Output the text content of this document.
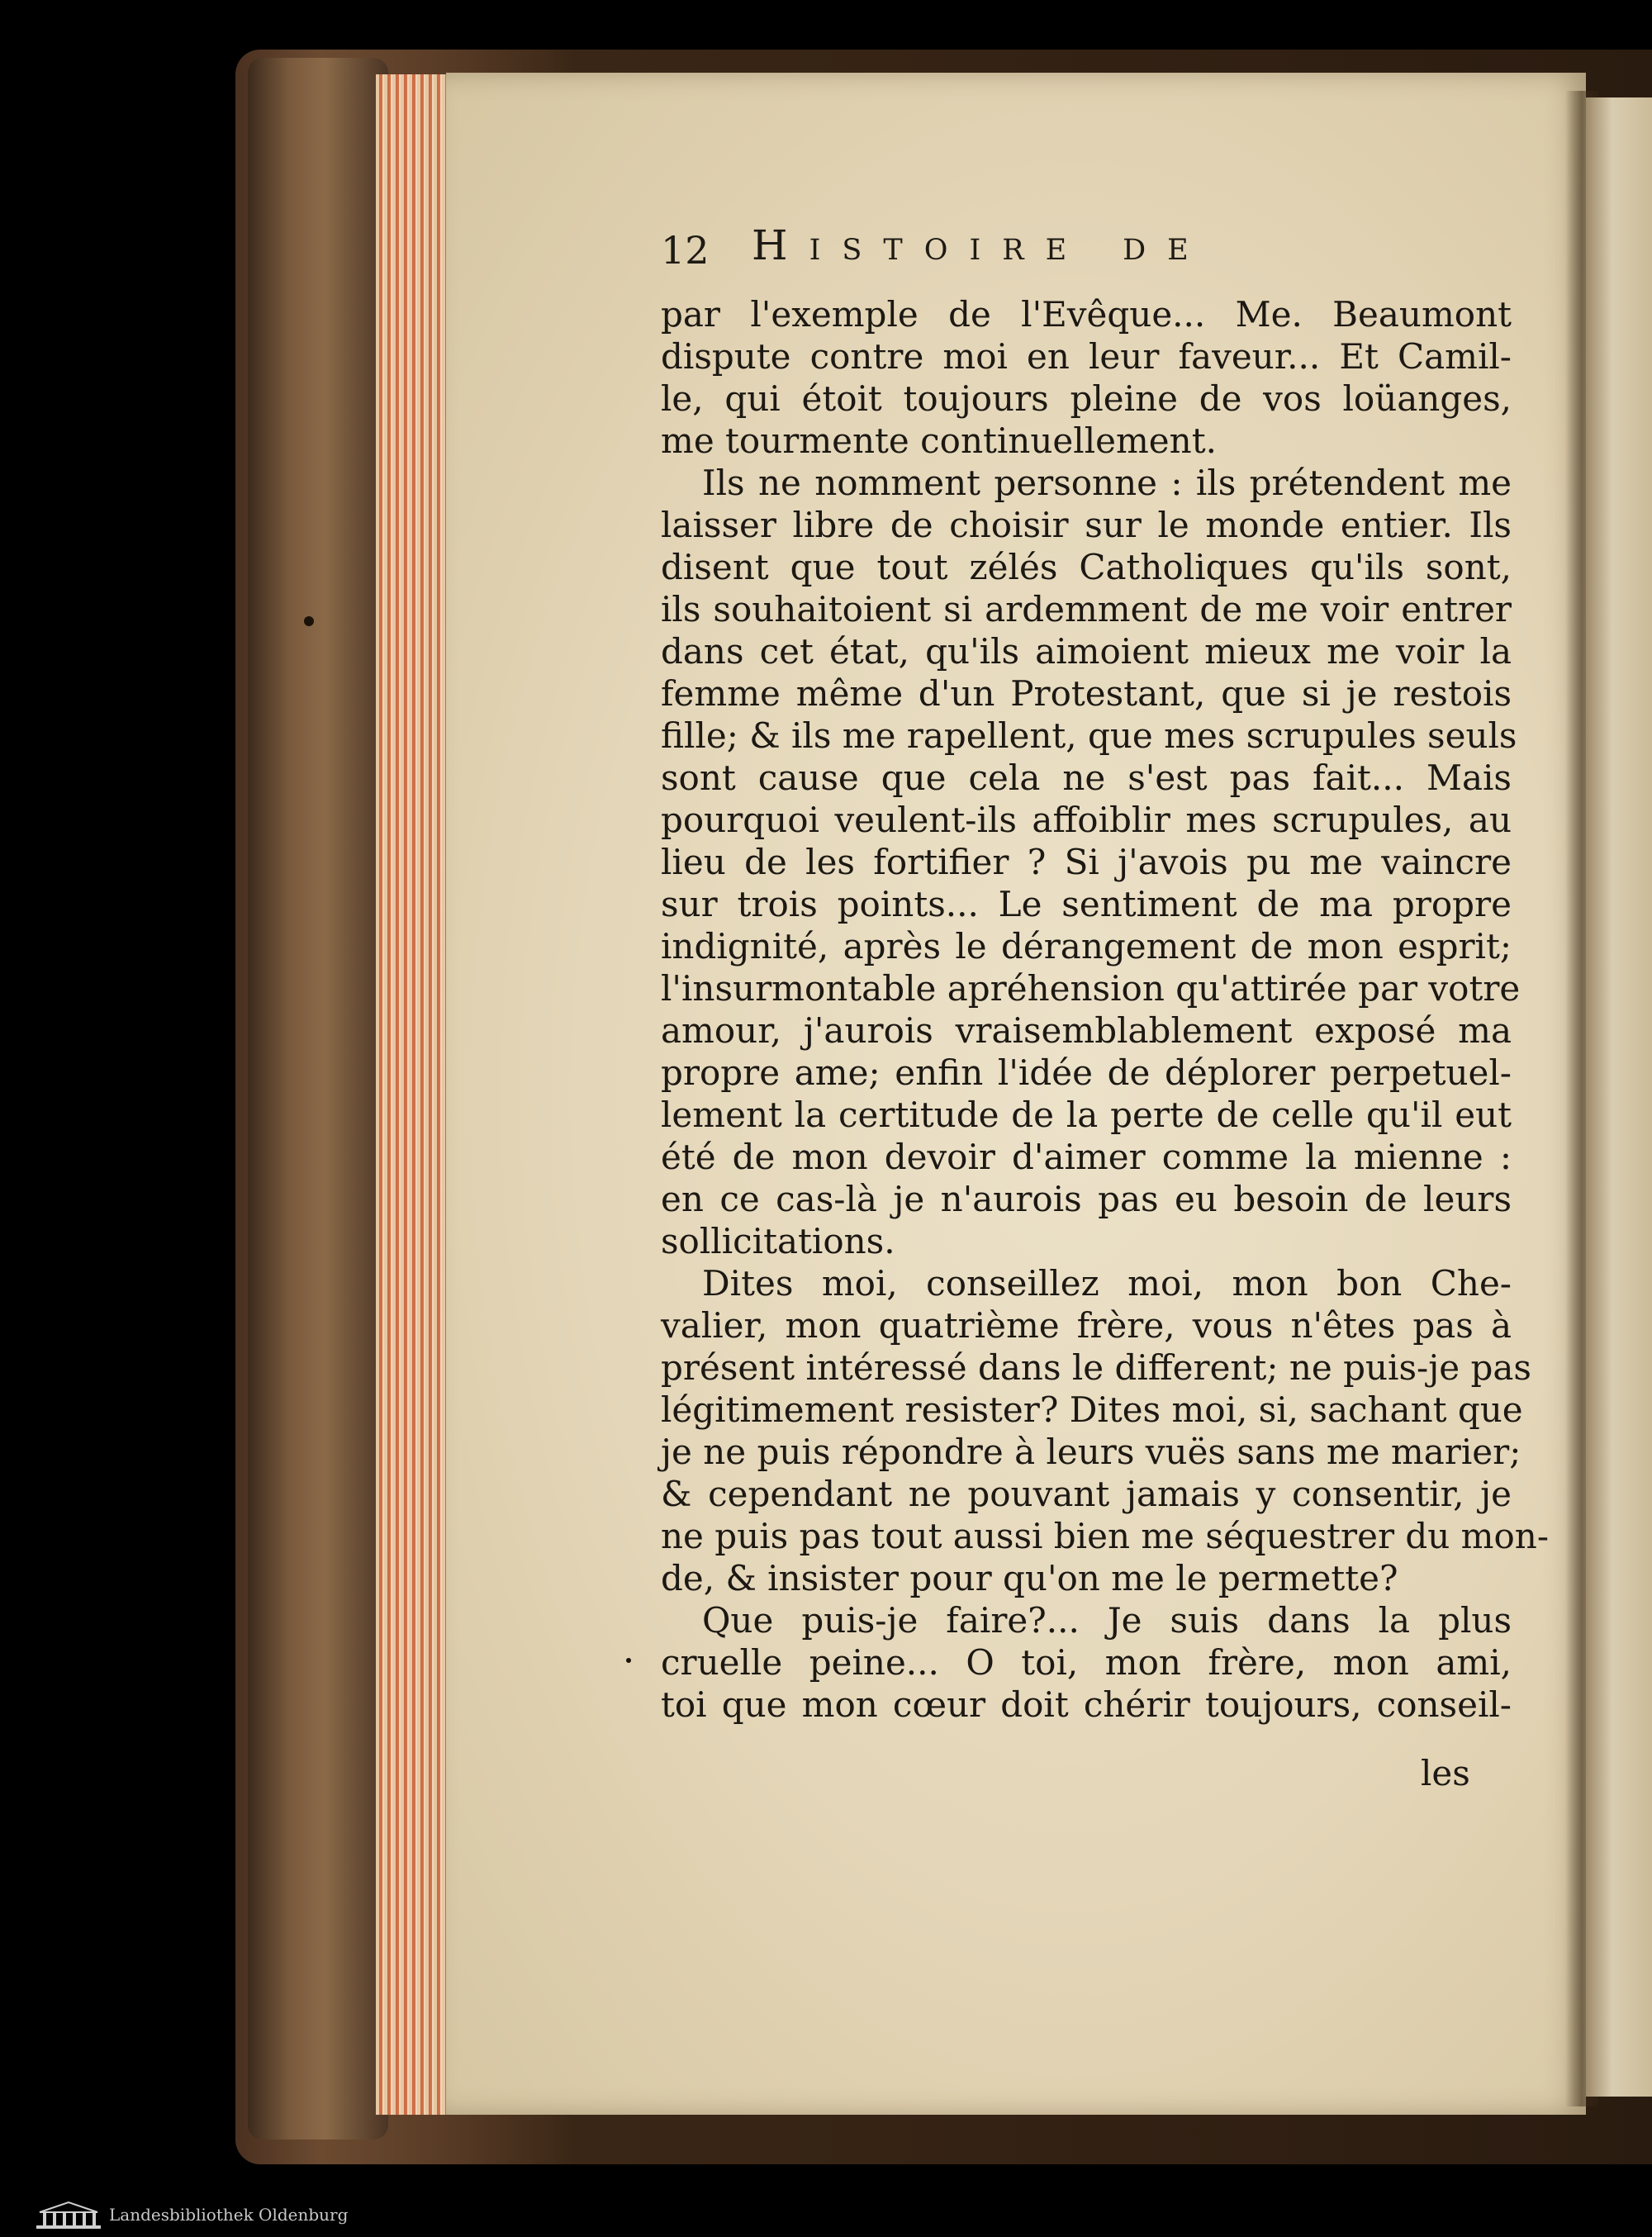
12 Histoire de
par l'exemple de l'Evêque... Me. Beaumont
dispute contre moi en leur faveur... Et Camil-
le, qui étoit toujours pleine de vos loüanges,
me tourmente continuellement.
Ils ne nomment personne : ils prétendent me
laisser libre de choisir sur le monde entier. Ils
disent que tout zélés Catholiques qu'ils sont,
ils souhaitoient si ardemment de me voir entrer
dans cet état, qu'ils aimoient mieux me voir la
femme même d'un Protestant, que si je restois
fille; & ils me rapellent, que mes scrupules seuls
sont cause que cela ne s'est pas fait... Mais
pourquoi veulent-ils affoiblir mes scrupules, au
lieu de les fortifier ? Si j'avois pu me vaincre
sur trois points... Le sentiment de ma propre
indignité, après le dérangement de mon esprit;
l'insurmontable apréhension qu'attirée par votre
amour, j'aurois vraisemblablement exposé ma
propre ame; enfin l'idée de déplorer perpetuel-
lement la certitude de la perte de celle qu'il eut
été de mon devoir d'aimer comme la mienne :
en ce cas-là je n'aurois pas eu besoin de leurs
sollicitations.
Dites moi, conseillez moi, mon bon Che-
valier, mon quatrième frère, vous n'êtes pas à
présent intéressé dans le different; ne puis-je pas
légitimement resister? Dites moi, si, sachant que
je ne puis répondre à leurs vuës sans me marier;
& cependant ne pouvant jamais y consentir, je
ne puis pas tout aussi bien me séquestrer du mon-
de, & insister pour qu'on me le permette?
Que puis-je faire?... Je suis dans la plus
cruelle peine... O toi, mon frère, mon ami,
toi que mon cœur doit chérir toujours, conseil-
les
Landesbibliothek Oldenburg
